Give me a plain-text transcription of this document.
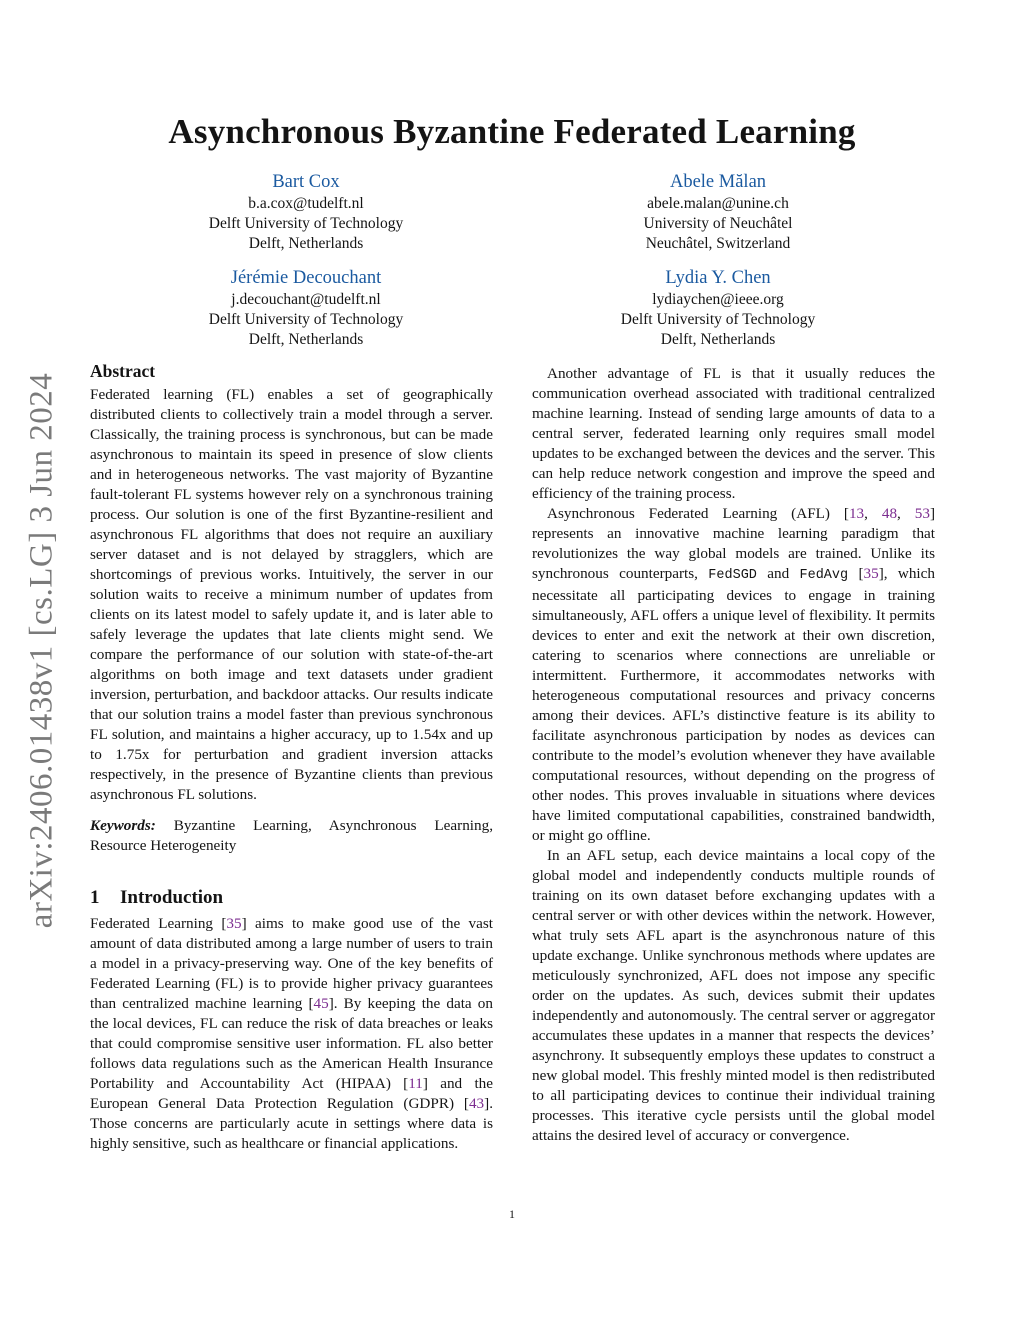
arXiv:2406.01438v1 [cs.LG] 3 Jun 2024
Asynchronous Byzantine Federated Learning
Bart Cox
b.a.cox@tudelft.nl
Delft University of Technology
Delft, Netherlands
Abele Mălan
abele.malan@unine.ch
University of Neuchâtel
Neuchâtel, Switzerland
Jérémie Decouchant
j.decouchant@tudelft.nl
Delft University of Technology
Delft, Netherlands
Lydia Y. Chen
lydiaychen@ieee.org
Delft University of Technology
Delft, Netherlands
Abstract

Federated learning (FL) enables a set of geographically distributed clients to collectively train a model through a server. Classically, the training process is synchronous, but can be made asynchronous to maintain its speed in presence of slow clients and in heterogeneous networks. The vast majority of Byzantine fault-tolerant FL systems however rely on a synchronous training process. Our solution is one of the first Byzantine-resilient and asynchronous FL algorithms that does not require an auxiliary server dataset and is not delayed by stragglers, which are shortcomings of previous works. Intuitively, the server in our solution waits to receive a minimum number of updates from clients on its latest model to safely update it, and is later able to safely leverage the updates that late clients might send. We compare the performance of our solution with state-of-the-art algorithms on both image and text datasets under gradient inversion, perturbation, and backdoor attacks. Our results indicate that our solution trains a model faster than previous synchronous FL solution, and maintains a higher accuracy, up to 1.54x and up to 1.75x for perturbation and gradient inversion attacks respectively, in the presence of Byzantine clients than previous asynchronous FL solutions.

Keywords: Byzantine Learning, Asynchronous Learning, Resource Heterogeneity

1 Introduction

Federated Learning [35] aims to make good use of the vast amount of data distributed among a large number of users to train a model in a privacy-preserving way. One of the key benefits of Federated Learning (FL) is to provide higher privacy guarantees than centralized machine learning [45]. By keeping the data on the local devices, FL can reduce the risk of data breaches or leaks that could compromise sensitive user information. FL also better follows data regulations such as the American Health Insurance Portability and Accountability Act (HIPAA) [11] and the European General Data Protection Regulation (GDPR) [43]. Those concerns are particularly acute in settings where data is highly sensitive, such as healthcare or financial applications.

Another advantage of FL is that it usually reduces the communication overhead associated with traditional centralized machine learning. Instead of sending large amounts of data to a central server, federated learning only requires small model updates to be exchanged between the devices and the server. This can help reduce network congestion and improve the speed and efficiency of the training process.

Asynchronous Federated Learning (AFL) [13, 48, 53] represents an innovative machine learning paradigm that revolutionizes the way global models are trained. Unlike its synchronous counterparts, FedSGD and FedAvg [35], which necessitate all participating devices to engage in training simultaneously, AFL offers a unique level of flexibility. It permits devices to enter and exit the network at their own discretion, catering to scenarios where connections are unreliable or intermittent. Furthermore, it accommodates networks with heterogeneous computational resources and privacy concerns among their devices. AFL’s distinctive feature is its ability to facilitate asynchronous participation by nodes as devices can contribute to the model’s evolution whenever they have available computational resources, without depending on the progress of other nodes. This proves invaluable in situations where devices have limited computational capabilities, constrained bandwidth, or might go offline.

In an AFL setup, each device maintains a local copy of the global model and independently conducts multiple rounds of training on its own dataset before exchanging updates with a central server or with other devices within the network. However, what truly sets AFL apart is the asynchronous nature of this update exchange. Unlike synchronous methods where updates are meticulously synchronized, AFL does not impose any specific order on the updates. As such, devices submit their updates independently and autonomously. The central server or aggregator accumulates these updates in a manner that respects the devices’ asynchrony. It subsequently employs these updates to construct a new global model. This freshly minted model is then redistributed to all participating devices to continue their individual training processes. This iterative cycle persists until the global model attains the desired level of accuracy or convergence.

1
